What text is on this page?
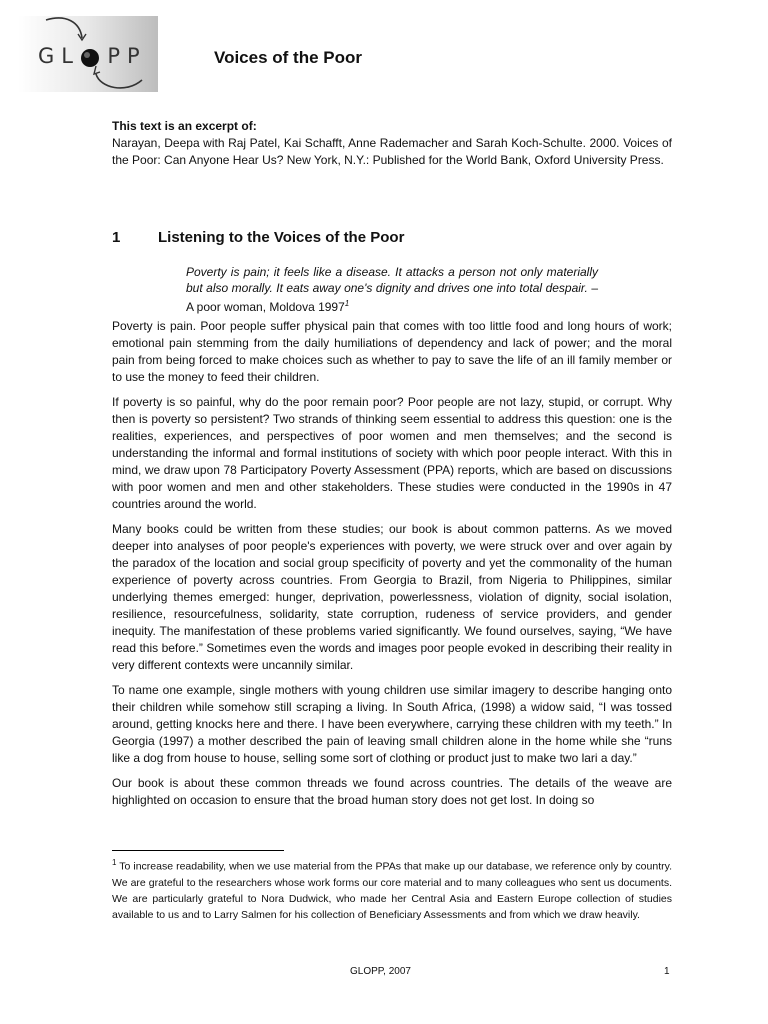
GL  PP	Voices of the Poor
This text is an excerpt of:
Narayan, Deepa with Raj Patel, Kai Schafft, Anne Rademacher and Sarah Koch-Schulte. 2000. Voices of the Poor: Can Anyone Hear Us? New York, N.Y.: Published for the World Bank, Oxford University Press.
1	Listening to the Voices of the Poor
Poverty is pain; it feels like a disease. It attacks a person not only materially but also morally. It eats away one's dignity and drives one into total despair. – A poor woman, Moldova 1997$^1$

Poverty is pain. Poor people suffer physical pain that comes with too little food and long hours of work; emotional pain stemming from the daily humiliations of dependency and lack of power; and the moral pain from being forced to make choices such as whether to pay to save the life of an ill family member or to use the money to feed their children.

If poverty is so painful, why do the poor remain poor? Poor people are not lazy, stupid, or corrupt. Why then is poverty so persistent? Two strands of thinking seem essential to address this question: one is the realities, experiences, and perspectives of poor women and men themselves; and the second is understanding the informal and formal institutions of society with which poor people interact. With this in mind, we draw upon 78 Participatory Poverty Assessment (PPA) reports, which are based on discussions with poor women and men and other stakeholders. These studies were conducted in the 1990s in 47 countries around the world.

Many books could be written from these studies; our book is about common patterns. As we moved deeper into analyses of poor people's experiences with poverty, we were struck over and over again by the paradox of the location and social group specificity of poverty and yet the commonality of the human experience of poverty across countries. From Georgia to Brazil, from Nigeria to Philippines, similar underlying themes emerged: hunger, deprivation, powerlessness, violation of dignity, social isolation, resilience, resourcefulness, solidarity, state corruption, rudeness of service providers, and gender inequity. The manifestation of these problems varied significantly. We found ourselves, saying, “We have read this before.” Sometimes even the words and images poor people evoked in describing their reality in very different contexts were uncannily similar.

To name one example, single mothers with young children use similar imagery to describe hanging onto their children while somehow still scraping a living. In South Africa, (1998) a widow said, “I was tossed around, getting knocks here and there. I have been everywhere, carrying these children with my teeth.” In Georgia (1997) a mother described the pain of leaving small children alone in the home while she “runs like a dog from house to house, selling some sort of clothing or product just to make two lari a day.”

Our book is about these common threads we found across countries. The details of the weave are highlighted on occasion to ensure that the broad human story does not get lost. In doing so

$^1$ To increase readability, when we use material from the PPAs that make up our database, we reference only by country. We are grateful to the researchers whose work forms our core material and to many colleagues who sent us documents. We are particularly grateful to Nora Dudwick, who made her Central Asia and Eastern Europe collection of studies available to us and to Larry Salmen for his collection of Beneficiary Assessments and from which we draw heavily.
GLOPP, 2007	1
